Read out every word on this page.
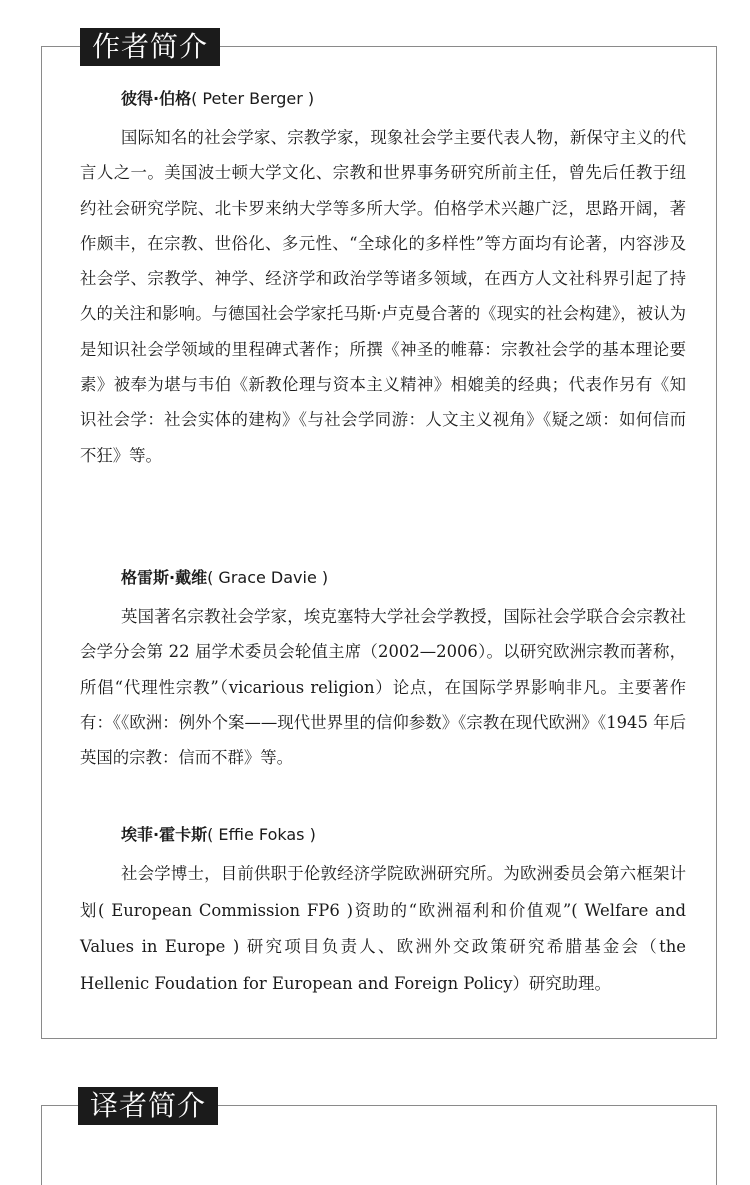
作者简介

彼得·伯格( Peter Berger )

国际知名的社会学家、宗教学家，现象社会学主要代表人物，新保守主义的代言人之一。美国波士顿大学文化、宗教和世界事务研究所前主任，曾先后任教于纽约社会研究学院、北卡罗来纳大学等多所大学。伯格学术兴趣广泛，思路开阔，著作颇丰，在宗教、世俗化、多元性、“全球化的多样性”等方面均有论著，内容涉及社会学、宗教学、神学、经济学和政治学等诸多领域，在西方人文社科界引起了持久的关注和影响。与德国社会学家托马斯·卢克曼合著的《现实的社会构建》，被认为是知识社会学领域的里程碑式著作；所撰《神圣的帷幕：宗教社会学的基本理论要素》被奉为堪与韦伯《新教伦理与资本主义精神》相媲美的经典；代表作另有《知识社会学：社会实体的建构》《与社会学同游：人文主义视角》《疑之颂：如何信而不狂》等。

格雷斯·戴维( Grace Davie )

英国著名宗教社会学家，埃克塞特大学社会学教授，国际社会学联合会宗教社会学分会第 22 届学术委员会轮值主席（2002—2006）。以研究欧洲宗教而著称，所倡“代理性宗教”（vicarious religion）论点，在国际学界影响非凡。主要著作有：《《欧洲：例外个案——现代世界里的信仰参数》《宗教在现代欧洲》《1945 年后英国的宗教：信而不群》等。

埃菲·霍卡斯( Effie Fokas )

社会学博士，目前供职于伦敦经济学院欧洲研究所。为欧洲委员会第六框架计划( European Commission FP6 )资助的“欧洲福利和价值观”( Welfare and Values in Europe ) 研究项目负责人、欧洲外交政策研究希腊基金会（the Hellenic Foudation for European and Foreign Policy）研究助理。

译者简介
